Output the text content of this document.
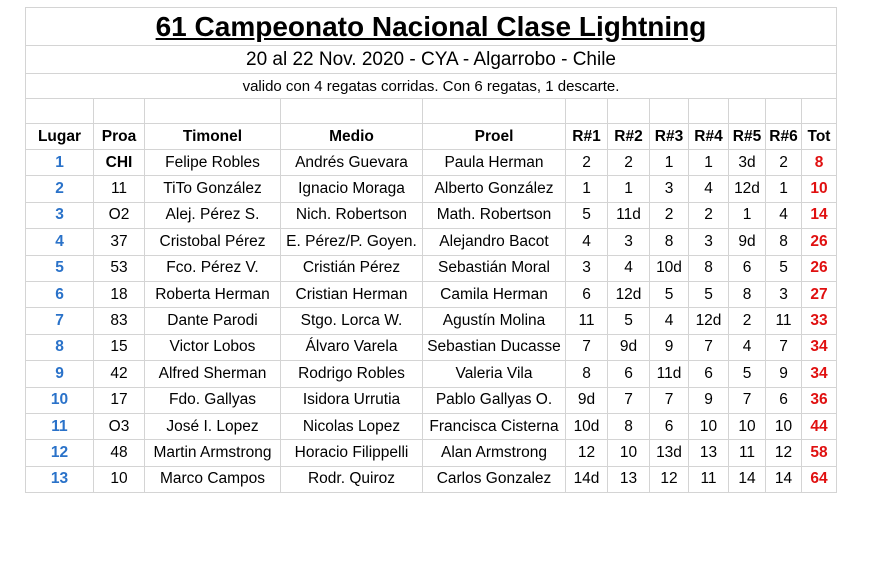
61 Campeonato Nacional Clase Lightning											
20 al 22 Nov. 2020 - CYA - Algarrobo - Chile											
valido con 4 regatas corridas. Con 6 regatas, 1 descarte.											

Lugar	Proa	Timonel	Medio	Proel	R#1	R#2	R#3	R#4	R#5	R#6	Tot
1	CHI	Felipe Robles	Andrés Guevara	Paula Herman	2	2	1	1	3d	2	8
2	11	TiTo González	Ignacio Moraga	Alberto González	1	1	3	4	12d	1	10
3	O2	Alej. Pérez S.	Nich. Robertson	Math. Robertson	5	11d	2	2	1	4	14
4	37	Cristobal Pérez	E. Pérez/P. Goyen.	Alejandro Bacot	4	3	8	3	9d	8	26
5	53	Fco. Pérez V.	Cristián Pérez	Sebastián Moral	3	4	10d	8	6	5	26
6	18	Roberta Herman	Cristian Herman	Camila Herman	6	12d	5	5	8	3	27
7	83	Dante Parodi	Stgo. Lorca W.	Agustín Molina	11	5	4	12d	2	11	33
8	15	Victor Lobos	Álvaro Varela	Sebastian Ducasse	7	9d	9	7	4	7	34
9	42	Alfred Sherman	Rodrigo Robles	Valeria Vila	8	6	11d	6	5	9	34
10	17	Fdo. Gallyas	Isidora Urrutia	Pablo Gallyas O.	9d	7	7	9	7	6	36
11	O3	José I. Lopez	Nicolas Lopez	Francisca Cisterna	10d	8	6	10	10	10	44
12	48	Martin Armstrong	Horacio Filippelli	Alan Armstrong	12	10	13d	13	11	12	58
13	10	Marco Campos	Rodr. Quiroz	Carlos Gonzalez	14d	13	12	11	14	14	64
